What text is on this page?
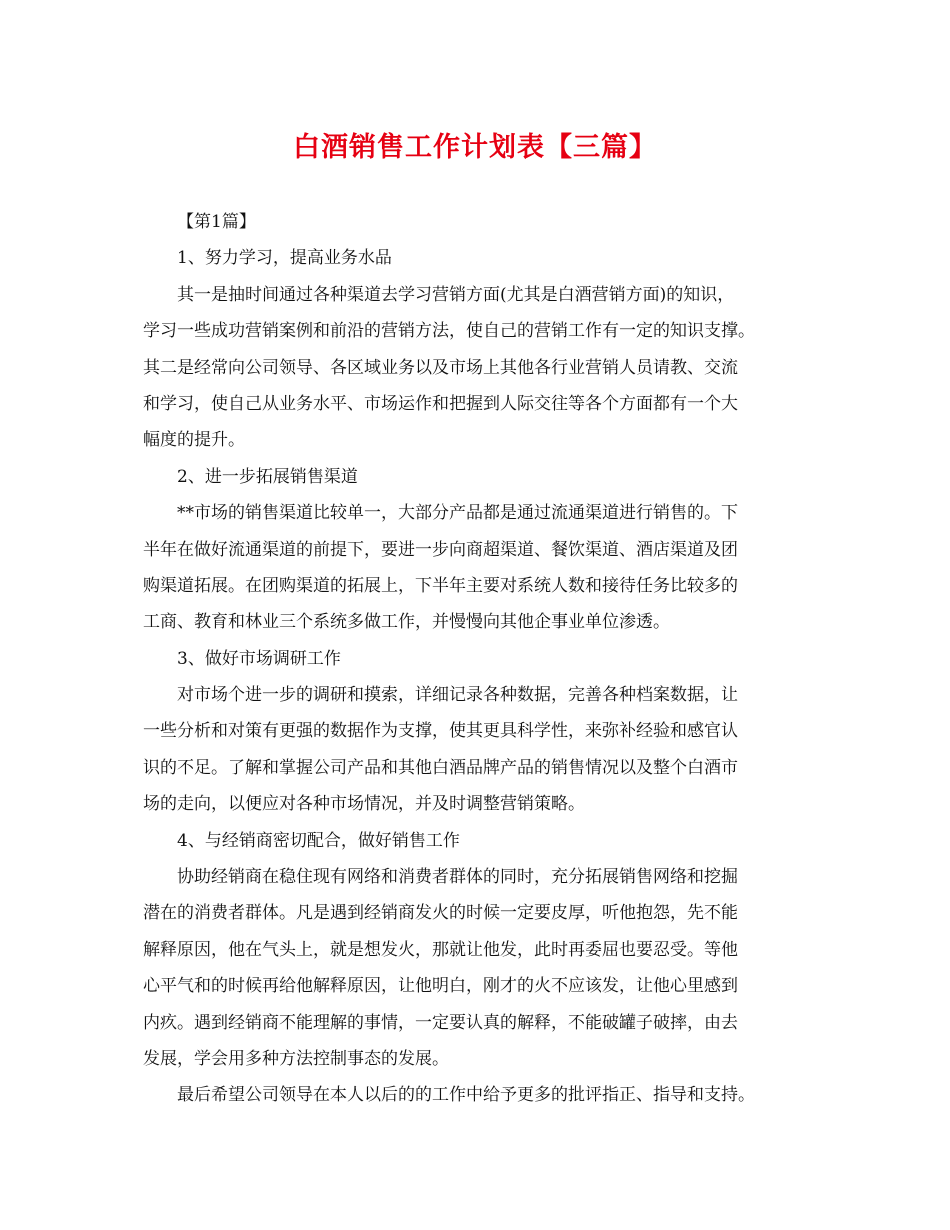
白酒销售工作计划表【三篇】
【第1篇】
1、努力学习，提高业务水品
其一是抽时间通过各种渠道去学习营销方面(尤其是白酒营销方面)的知识，
学习一些成功营销案例和前沿的营销方法，使自己的营销工作有一定的知识支撑。
其二是经常向公司领导、各区域业务以及市场上其他各行业营销人员请教、交流
和学习，使自己从业务水平、市场运作和把握到人际交往等各个方面都有一个大
幅度的提升。
2、进一步拓展销售渠道
**市场的销售渠道比较单一，大部分产品都是通过流通渠道进行销售的。下
半年在做好流通渠道的前提下，要进一步向商超渠道、餐饮渠道、酒店渠道及团
购渠道拓展。在团购渠道的拓展上，下半年主要对系统人数和接待任务比较多的
工商、教育和林业三个系统多做工作，并慢慢向其他企事业单位渗透。
3、做好市场调研工作
对市场个进一步的调研和摸索，详细记录各种数据，完善各种档案数据，让
一些分析和对策有更强的数据作为支撑，使其更具科学性，来弥补经验和感官认
识的不足。了解和掌握公司产品和其他白酒品牌产品的销售情况以及整个白酒市
场的走向，以便应对各种市场情况，并及时调整营销策略。
4、与经销商密切配合，做好销售工作
协助经销商在稳住现有网络和消费者群体的同时，充分拓展销售网络和挖掘
潜在的消费者群体。凡是遇到经销商发火的时候一定要皮厚，听他抱怨，先不能
解释原因，他在气头上，就是想发火，那就让他发，此时再委屈也要忍受。等他
心平气和的时候再给他解释原因，让他明白，刚才的火不应该发，让他心里感到
内疚。遇到经销商不能理解的事情，一定要认真的解释，不能破罐子破摔，由去
发展，学会用多种方法控制事态的发展。
最后希望公司领导在本人以后的的工作中给予更多的批评指正、指导和支持。
